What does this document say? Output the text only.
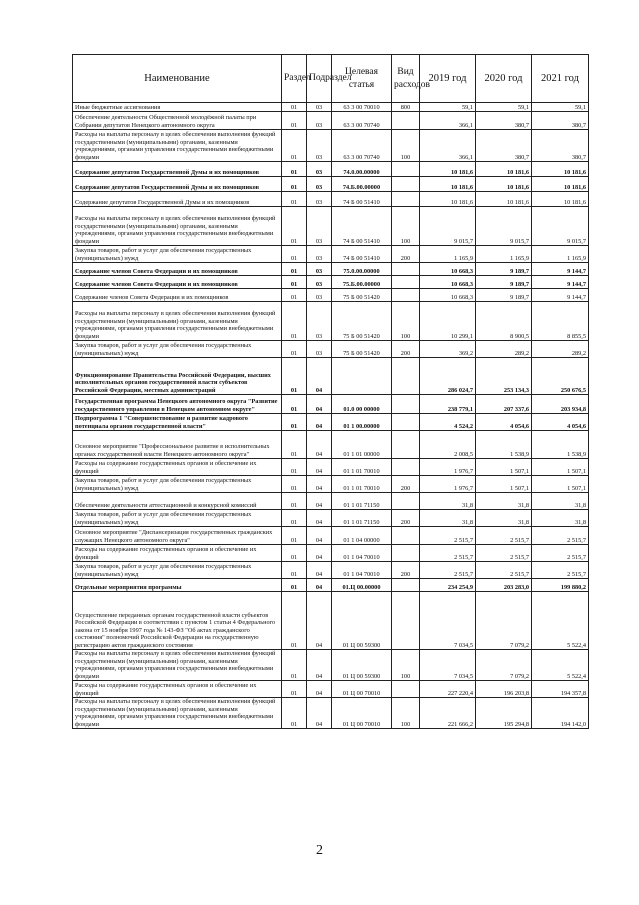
Наименование	Раздел	Подраздел	Целевая статья	Вид расходов	2019 год	2020 год	2021 год
Иные бюджетные ассигнования	01	03	63 3 00 70010	800	59,1	59,1	59,1
Обеспечение деятельности Общественной молодёжной палаты при Собрании депутатов Ненецкого автономного округа	01	03	63 3 00 70740		366,1	380,7	380,7
Расходы на выплаты персоналу в целях обеспечения выполнения функций государственными (муниципальными) органами, казенными учреждениями, органами управления государственными внебюджетными фондами	01	03	63 3 00 70740	100	366,1	380,7	380,7
Содержание депутатов Государственной Думы и их помощников	01	03	74.0.00.00000		10 181,6	10 181,6	10 181,6
Содержание депутатов Государственной Думы и их помощников	01	03	74.Б.00.00000		10 181,6	10 181,6	10 181,6
Содержание депутатов Государственной Думы и их помощников	01	03	74 Б 00 51410		10 181,6	10 181,6	10 181,6
Расходы на выплаты персоналу в целях обеспечения выполнения функций государственными (муниципальными) органами, казенными учреждениями, органами управления государственными внебюджетными фондами	01	03	74 Б 00 51410	100	9 015,7	9 015,7	9 015,7
Закупка товаров, работ и услуг для обеспечения государственных (муниципальных) нужд	01	03	74 Б 00 51410	200	1 165,9	1 165,9	1 165,9
Содержание членов Совета Федерации и их помощников	01	03	75.0.00.00000		10 668,3	9 189,7	9 144,7
Содержание членов Совета Федерации и их помощников	01	03	75.Б.00.00000		10 668,3	9 189,7	9 144,7
Содержание членов Совета Федерации и их помощников	01	03	75 Б 00 51420		10 668,3	9 189,7	9 144,7
Расходы на выплаты персоналу в целях обеспечения выполнения функций государственными (муниципальными) органами, казенными учреждениями, органами управления государственными внебюджетными фондами	01	03	75 Б 00 51420	100	10 299,1	8 900,5	8 855,5
Закупка товаров, работ и услуг для обеспечения государственных (муниципальных) нужд	01	03	75 Б 00 51420	200	369,2	289,2	289,2
Функционирование Правительства Российской Федерации, высших исполнительных органов государственной власти субъектов Российской Федерации, местных администраций	01	04			286 024,7	253 134,3	250 676,5
Государственная программа Ненецкого автономного округа "Развитие государственного управления в Ненецком автономном округе"	01	04	01.0 00 00000		238 779,1	207 337,6	203 934,8
Подпрограмма 1 "Совершенствование и развитие кадрового потенциала органов государственной власти"	01	04	01 1 00.00000		4 524,2	4 054,6	4 054,6
Основное мероприятие "Профессиональное развитие в исполнительных органах государственной власти Ненецкого автономного округа"	01	04	01 1 01 00000		2 008,5	1 538,9	1 538,9
Расходы на содержание государственных органов и обеспечение их функций	01	04	01 1 01 70010		1 976,7	1 507,1	1 507,1
Закупка товаров, работ и услуг для обеспечения государственных (муниципальных) нужд	01	04	01 1 01 70010	200	1 976,7	1 507,1	1 507,1
Обеспечение деятельности аттестационной и конкурсной комиссий	01	04	01 1 01 71150		31,8	31,8	31,8
Закупка товаров, работ и услуг для обеспечения государственных (муниципальных) нужд	01	04	01 1 01 71150	200	31,8	31,8	31,8
Основное мероприятие "Диспансеризация государственных гражданских служащих Ненецкого автономного округа"	01	04	01 1 04 00000		2 515,7	2 515,7	2 515,7
Расходы на содержание государственных органов и обеспечение их функций	01	04	01 1 04 70010		2 515,7	2 515,7	2 515,7
Закупка товаров, работ и услуг для обеспечения государственных (муниципальных) нужд	01	04	01 1 04 70010	200	2 515,7	2 515,7	2 515,7
Отдельные мероприятия программы	01	04	01.Ц 00.00000		234 254,9	203 283,0	199 880,2
Осуществление переданных органам государственной власти субъектов Российской Федерации в соответствии с пунктом 1 статьи 4 Федерального закона от 15 ноября 1997 года № 143-ФЗ "Об актах гражданского состояния" полномочий Российской Федерации на государственную регистрацию актов гражданского состояния	01	04	01 Ц 00 59300		7 034,5	7 079,2	5 522,4
Расходы на выплаты персоналу в целях обеспечения выполнения функций государственными (муниципальными) органами, казенными учреждениями, органами управления государственными внебюджетными фондами	01	04	01 Ц 00 59300	100	7 034,5	7 079,2	5 522,4
Расходы на содержание государственных органов и обеспечение их функций	01	04	01 Ц 00 70010		227 220,4	196 203,8	194 357,8
Расходы на выплаты персоналу в целях обеспечения выполнения функций государственными (муниципальными) органами, казенными учреждениями, органами управления государственными внебюджетными фондами	01	04	01 Ц 00 70010	100	221 666,2	195 294,8	194 142,0
2
